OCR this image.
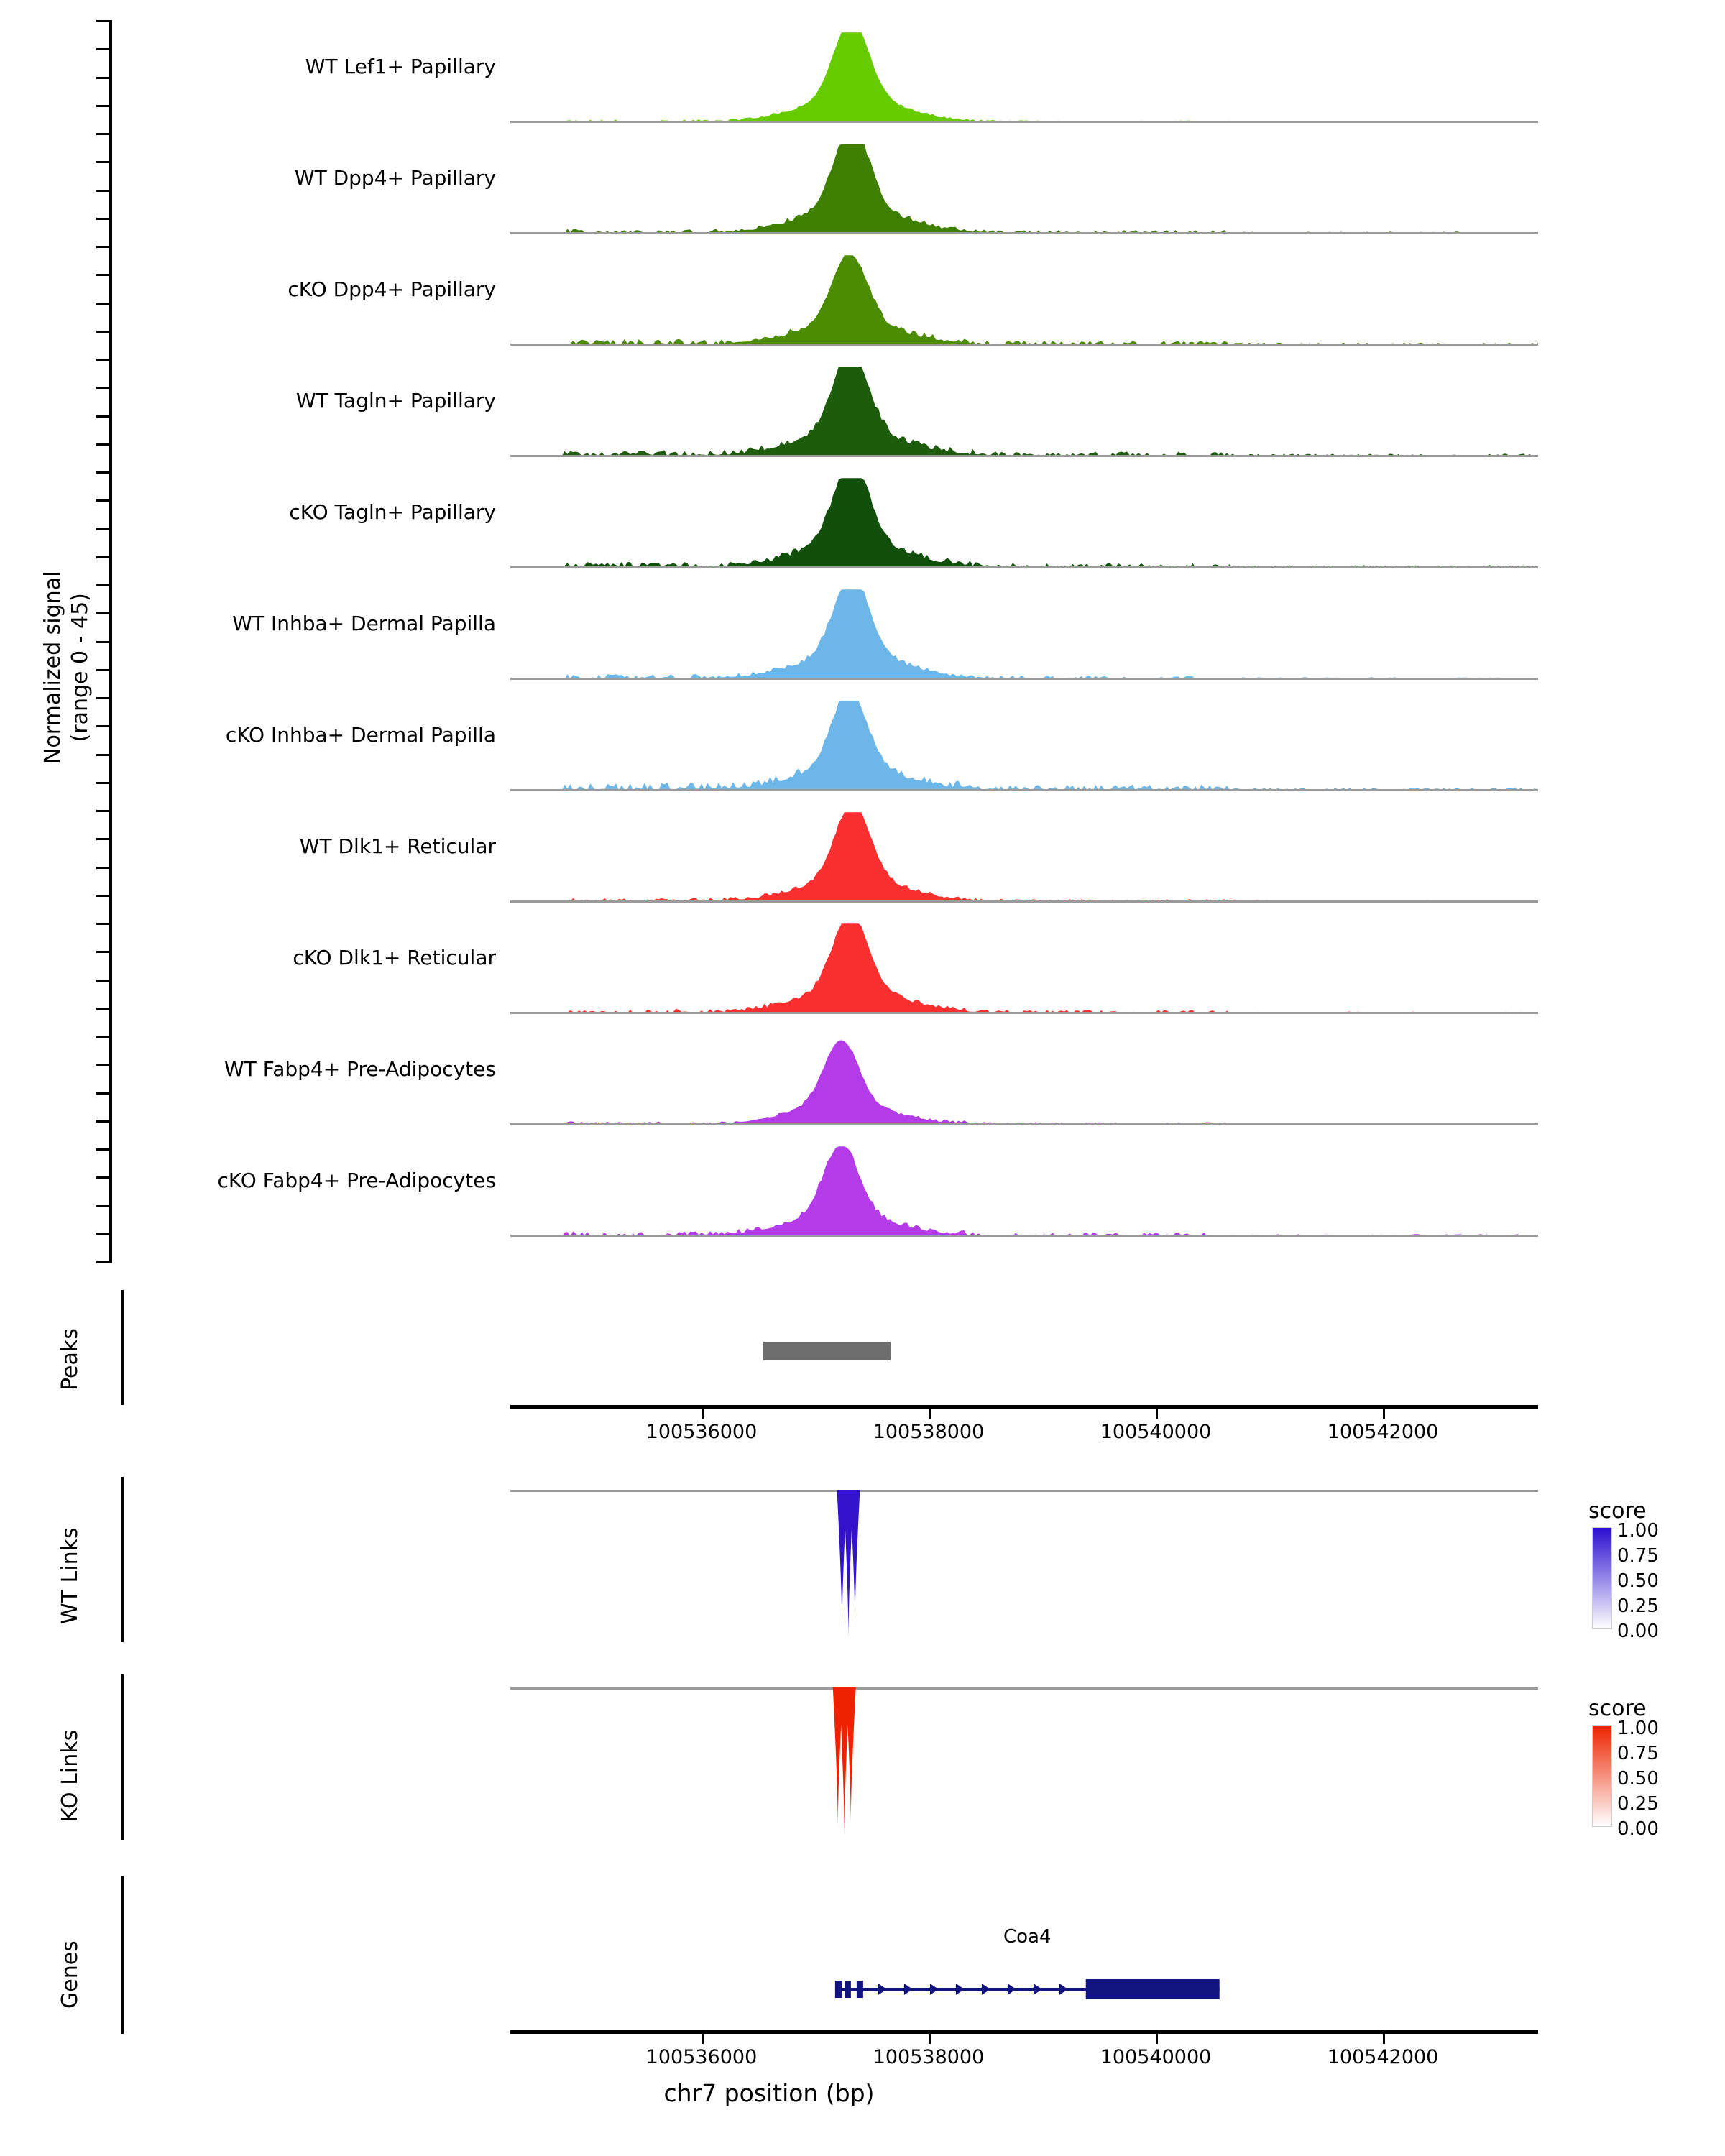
Normalized signal
(range 0 - 45)
WT Lef1+ Papillary
WT Dpp4+ Papillary
cKO Dpp4+ Papillary
WT Tagln+ Papillary
cKO Tagln+ Papillary
WT Inhba+ Dermal Papilla
cKO Inhba+ Dermal Papilla
WT Dlk1+ Reticular
cKO Dlk1+ Reticular
WT Fabp4+ Pre-Adipocytes
cKO Fabp4+ Pre-Adipocytes
Peaks
100536000	100538000	100540000	100542000
WT Links
KO Links
score
1.00
0.75
0.50
0.25
0.00
score
1.00
0.75
0.50
0.25
0.00
Genes
Coa4
100536000	100538000	100540000	100542000
chr7 position (bp)
